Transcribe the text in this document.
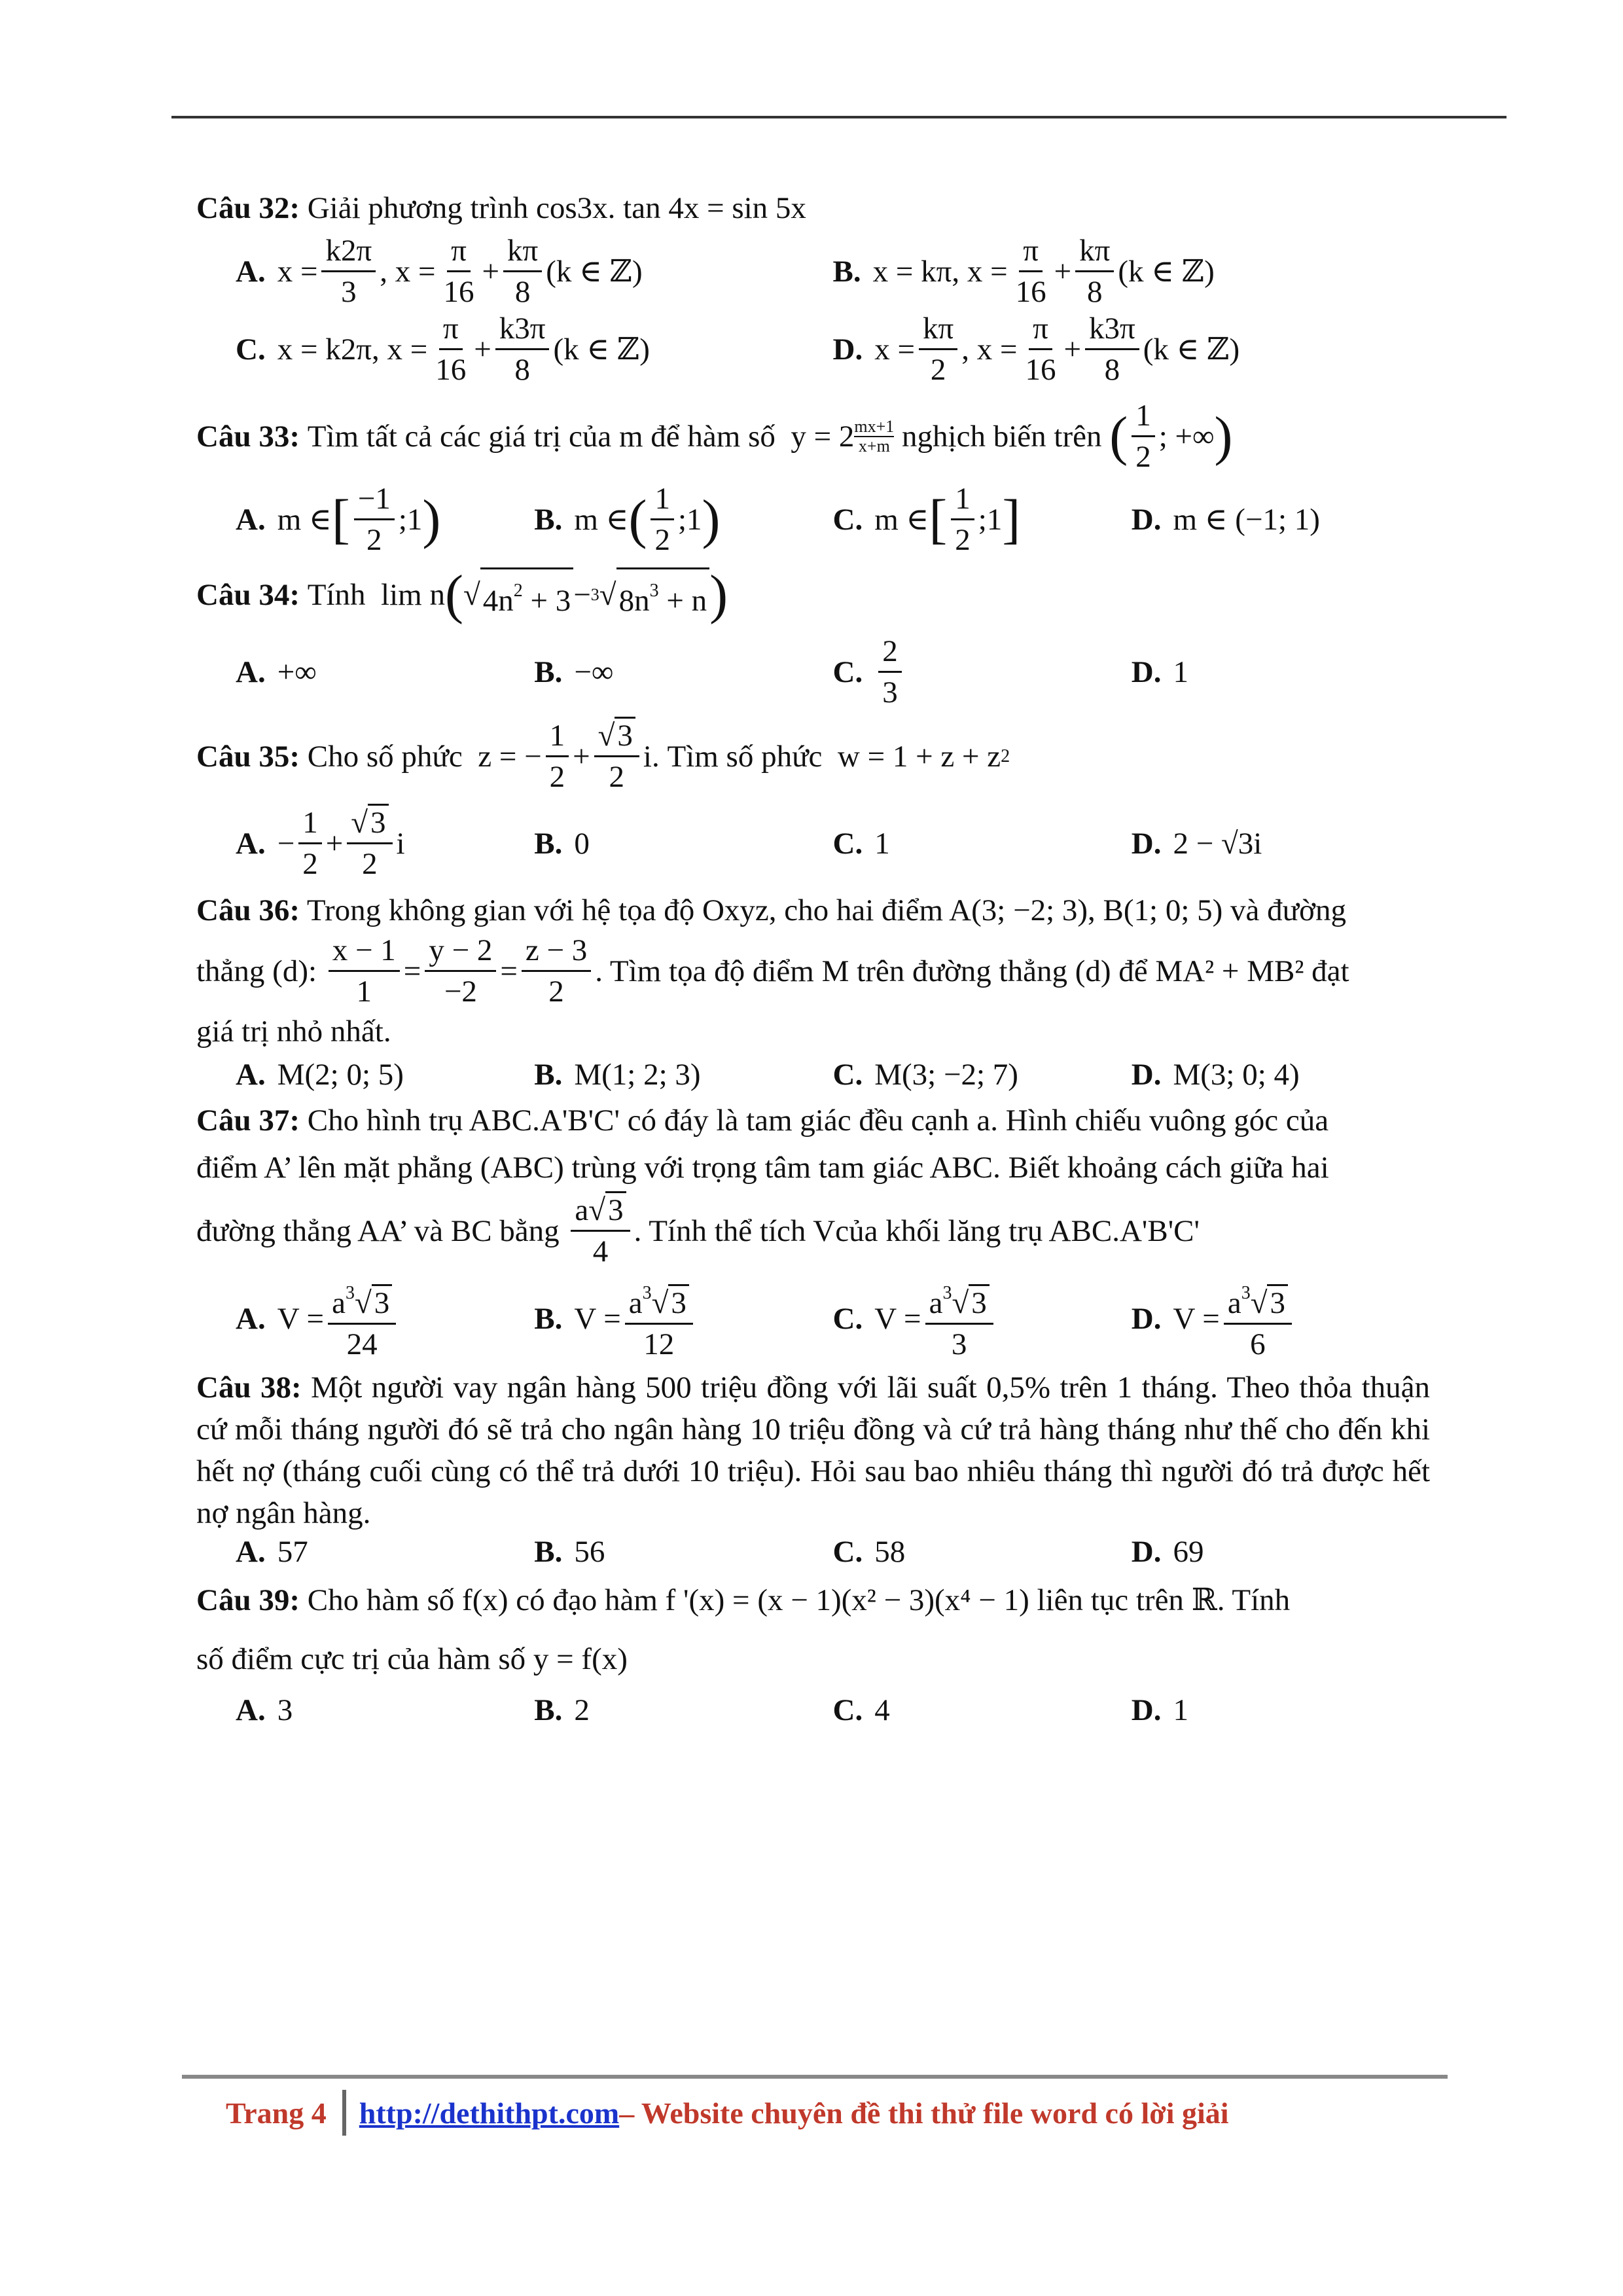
Câu 32: Giải phương trình cos3x. tan 4x = sin 5x
A. $x = \frac{k2\pi}{3}$ , $x = \frac{\pi}{16} + \frac{k\pi}{8} (k$ ∈ ℤ)	B. x = kπ, $x = \frac{\pi}{16} + \frac{k\pi}{8} (k$ ∈ ℤ)
C. x = k2π, $x = \frac{\pi}{16} + \frac{k3\pi}{8} (k$ ∈ ℤ)	D. $x = \frac{k\pi}{2}$ , $x = \frac{\pi}{16} + \frac{k3\pi}{8} (k$ ∈ ℤ)
Câu 33:
Tìm tất cả các giá trị của m để hàm số y = 2 mx+1
x+m
nghịch biến trên
( $\frac{1}{2}$ ; +∞ )
A. m ∈ [ $\frac{-1}{2}$ ;1 )	B. m ∈ ( $\frac{1}{2}$ ;1 )	C. m ∈ [ $\frac{1}{2}$ ;1 ]	D. m ∈ (−1; 1)
Câu 34:
Tính lim n ( √ $4n^2 + 3 - 3$ √ $8n^3 + n$ )
A. +∞	B. −∞	C. $\frac{2}{3}$	D. 1
Câu 35:
Cho số phức z = − $\frac{1}{2} + \frac{√3}{2} i$. Tìm số phức w = 1 + z + z 2
A. − $\frac{1}{2} + \frac{√3}{2}$ i	B. 0	C. 1	D. 2 − √3i
Câu 36: Trong không gian với hệ tọa độ Oxyz, cho hai điểm A(3; −2; 3), B(1; 0; 5) và đường
thẳng (d):
$\frac{x - 1}{1} = \frac{y - 2}{-2} = \frac{z - 3}{2}$ . Tìm tọa độ điểm M trên đường thẳng (d) để MA² + MB² đạt
giá trị nhỏ nhất.
A. M(2; 0; 5)	B. M(1; 2; 3)	C. M(3; −2; 7)	D. M(3; 0; 4)
Câu 37: Cho hình trụ ABC.A'B'C' có đáy là tam giác đều cạnh a. Hình chiếu vuông góc của
điểm A’ lên mặt phẳng (ABC) trùng với trọng tâm tam giác ABC. Biết khoảng cách giữa hai
đường thẳng AA’ và BC bằng
$\frac{a√3}{4}$ . Tính thể tích Vcủa khối lăng trụ ABC.A'B'C'
A. $V = \frac{a^3√3}{24}$	B. $V = \frac{a^3√3}{12}$	C. $V = \frac{a^3√3}{3}$	D. $V = \frac{a^3√3}{6}$
Câu 38: Một người vay ngân hàng 500 triệu đồng với lãi suất 0,5% trên 1 tháng. Theo thỏa thuận cứ mỗi tháng người đó sẽ trả cho ngân hàng 10 triệu đồng và cứ trả hàng tháng như thế cho đến khi hết nợ (tháng cuối cùng có thể trả dưới 10 triệu). Hỏi sau bao nhiêu tháng thì người đó trả được hết nợ ngân hàng.
A. 57	B. 56	C. 58	D. 69
Câu 39: Cho hàm số f(x) có đạo hàm f '(x) = (x − 1)(x² − 3)(x⁴ − 1) liên tục trên ℝ. Tính
số điểm cực trị của hàm số y = f(x)
A. 3	B. 2	C. 4	D. 1
Trang 4 http://dethithpt.com – Website chuyên đề thi thử file word có lời giải
